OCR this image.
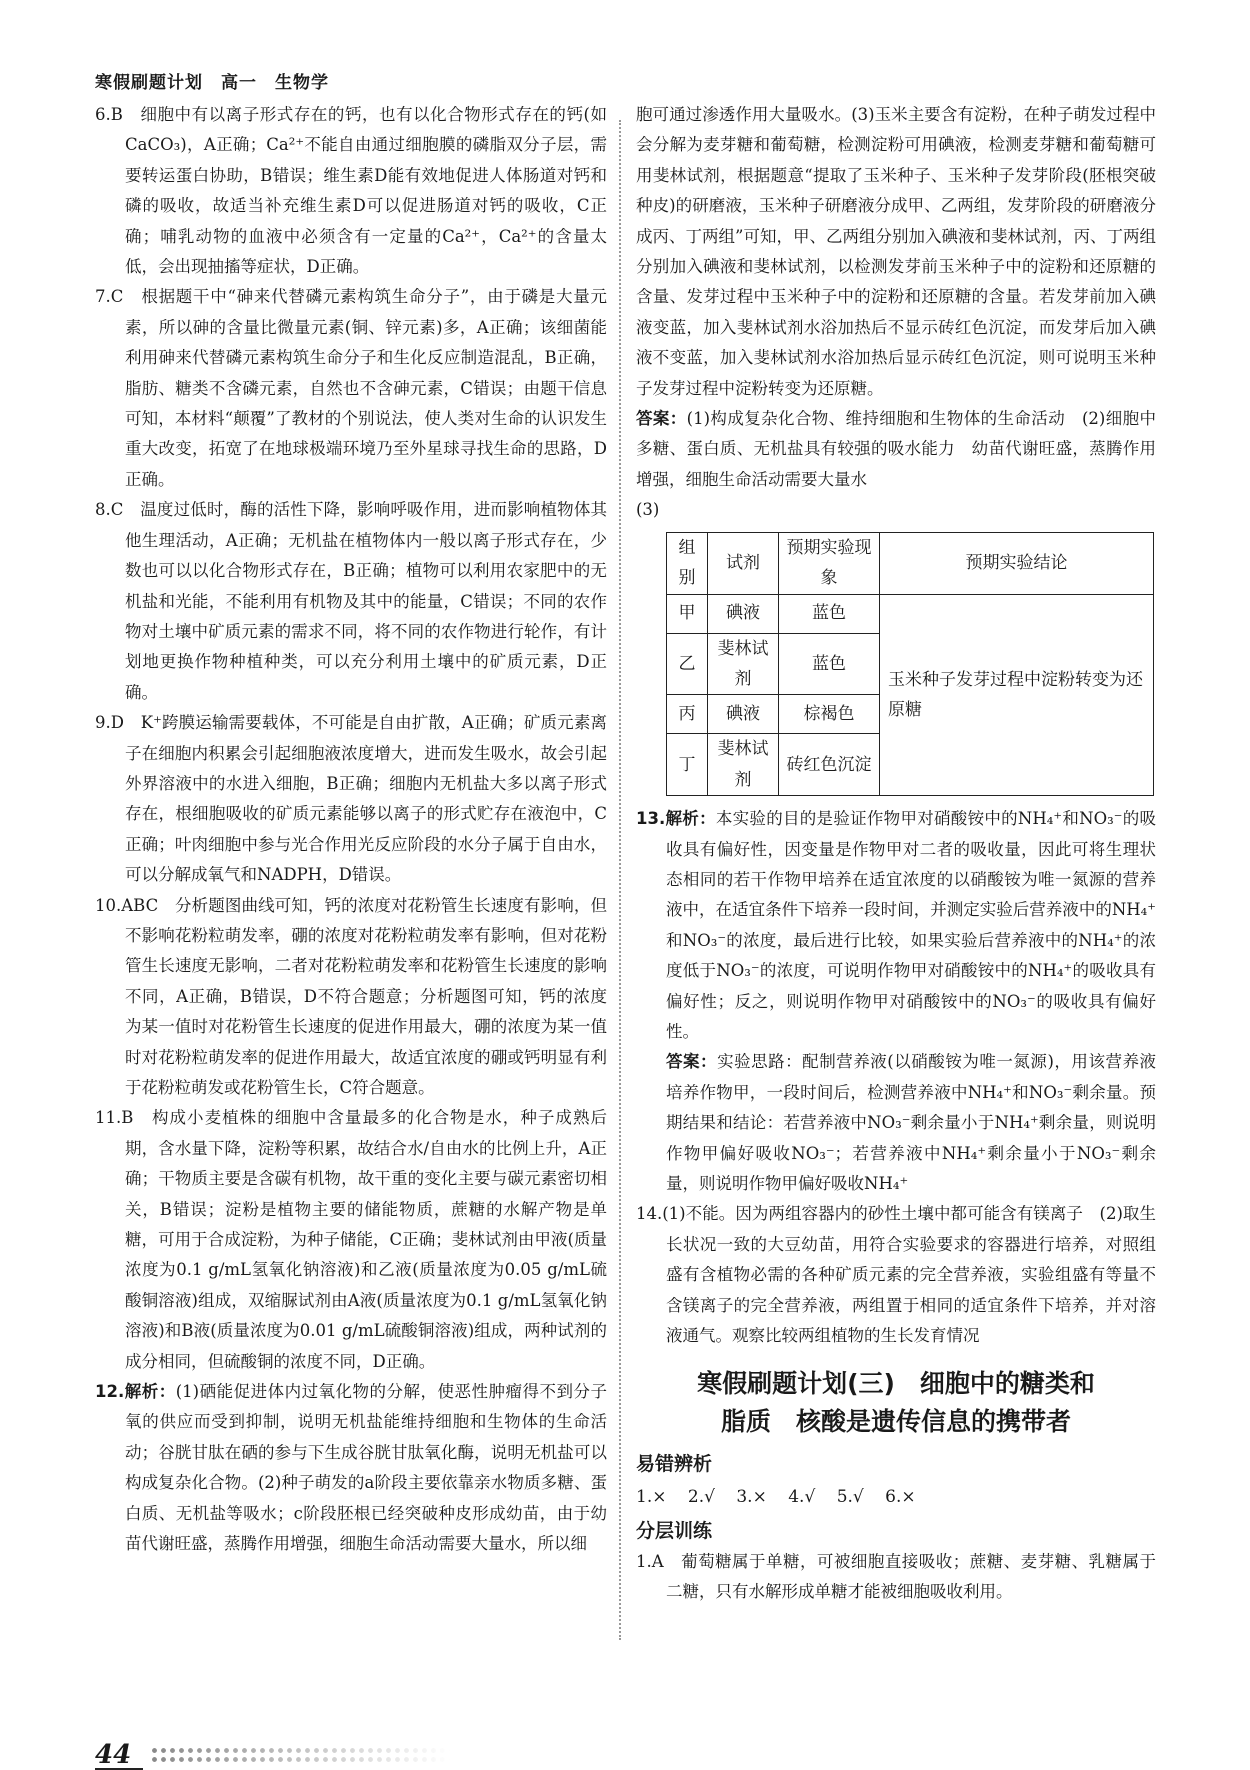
寒假刷题计划　高一　生物学

6.B　细胞中有以离子形式存在的钙，也有以化合物形式存在的钙(如CaCO₃)，A正确；Ca²⁺不能自由通过细胞膜的磷脂双分子层，需要转运蛋白协助，B错误；维生素D能有效地促进人体肠道对钙和磷的吸收，故适当补充维生素D可以促进肠道对钙的吸收，C正确；哺乳动物的血液中必须含有一定量的Ca²⁺，Ca²⁺的含量太低，会出现抽搐等症状，D正确。

7.C　根据题干中“砷来代替磷元素构筑生命分子”，由于磷是大量元素，所以砷的含量比微量元素(铜、锌元素)多，A正确；该细菌能利用砷来代替磷元素构筑生命分子和生化反应制造混乱，B正确，脂肪、糖类不含磷元素，自然也不含砷元素，C错误；由题干信息可知，本材料“颠覆”了教材的个别说法，使人类对生命的认识发生重大改变，拓宽了在地球极端环境乃至外星球寻找生命的思路，D正确。

8.C　温度过低时，酶的活性下降，影响呼吸作用，进而影响植物体其他生理活动，A正确；无机盐在植物体内一般以离子形式存在，少数也可以以化合物形式存在，B正确；植物可以利用农家肥中的无机盐和光能，不能利用有机物及其中的能量，C错误；不同的农作物对土壤中矿质元素的需求不同，将不同的农作物进行轮作，有计划地更换作物种植种类，可以充分利用土壤中的矿质元素，D正确。

9.D　K⁺跨膜运输需要载体，不可能是自由扩散，A正确；矿质元素离子在细胞内积累会引起细胞液浓度增大，进而发生吸水，故会引起外界溶液中的水进入细胞，B正确；细胞内无机盐大多以离子形式存在，根细胞吸收的矿质元素能够以离子的形式贮存在液泡中，C正确；叶肉细胞中参与光合作用光反应阶段的水分子属于自由水，可以分解成氧气和NADPH，D错误。

10.ABC　分析题图曲线可知，钙的浓度对花粉管生长速度有影响，但不影响花粉粒萌发率，硼的浓度对花粉粒萌发率有影响，但对花粉管生长速度无影响，二者对花粉粒萌发率和花粉管生长速度的影响不同，A正确，B错误，D不符合题意；分析题图可知，钙的浓度为某一值时对花粉管生长速度的促进作用最大，硼的浓度为某一值时对花粉粒萌发率的促进作用最大，故适宜浓度的硼或钙明显有利于花粉粒萌发或花粉管生长，C符合题意。

11.B　构成小麦植株的细胞中含量最多的化合物是水，种子成熟后期，含水量下降，淀粉等积累，故结合水/自由水的比例上升，A正确；干物质主要是含碳有机物，故干重的变化主要与碳元素密切相关，B错误；淀粉是植物主要的储能物质，蔗糖的水解产物是单糖，可用于合成淀粉，为种子储能，C正确；斐林试剂由甲液(质量浓度为0.1 g/mL氢氧化钠溶液)和乙液(质量浓度为0.05 g/mL硫酸铜溶液)组成，双缩脲试剂由A液(质量浓度为0.1 g/mL氢氧化钠溶液)和B液(质量浓度为0.01 g/mL硫酸铜溶液)组成，两种试剂的成分相同，但硫酸铜的浓度不同，D正确。

12.解析：(1)硒能促进体内过氧化物的分解，使恶性肿瘤得不到分子氧的供应而受到抑制，说明无机盐能维持细胞和生物体的生命活动；谷胱甘肽在硒的参与下生成谷胱甘肽氧化酶，说明无机盐可以构成复杂化合物。(2)种子萌发的a阶段主要依靠亲水物质多糖、蛋白质、无机盐等吸水；c阶段胚根已经突破种皮形成幼苗，由于幼苗代谢旺盛，蒸腾作用增强，细胞生命活动需要大量水，所以细

胞可通过渗透作用大量吸水。(3)玉米主要含有淀粉，在种子萌发过程中会分解为麦芽糖和葡萄糖，检测淀粉可用碘液，检测麦芽糖和葡萄糖可用斐林试剂，根据题意“提取了玉米种子、玉米种子发芽阶段(胚根突破种皮)的研磨液，玉米种子研磨液分成甲、乙两组，发芽阶段的研磨液分成丙、丁两组”可知，甲、乙两组分别加入碘液和斐林试剂，丙、丁两组分别加入碘液和斐林试剂，以检测发芽前玉米种子中的淀粉和还原糖的含量、发芽过程中玉米种子中的淀粉和还原糖的含量。若发芽前加入碘液变蓝，加入斐林试剂水浴加热后不显示砖红色沉淀，而发芽后加入碘液不变蓝，加入斐林试剂水浴加热后显示砖红色沉淀，则可说明玉米种子发芽过程中淀粉转变为还原糖。

答案：(1)构成复杂化合物、维持细胞和生物体的生命活动　(2)细胞中多糖、蛋白质、无机盐具有较强的吸水能力　幼苗代谢旺盛，蒸腾作用增强，细胞生命活动需要大量水

(3)

组别	试剂	预期实验现象	预期实验结论
甲	碘液	蓝色	玉米种子发芽过程中淀粉转变为还原糖
乙	斐林试剂	蓝色	
丙	碘液	棕褐色	
丁	斐林试剂	砖红色沉淀	

13.解析：本实验的目的是验证作物甲对硝酸铵中的NH₄⁺和NO₃⁻的吸收具有偏好性，因变量是作物甲对二者的吸收量，因此可将生理状态相同的若干作物甲培养在适宜浓度的以硝酸铵为唯一氮源的营养液中，在适宜条件下培养一段时间，并测定实验后营养液中的NH₄⁺和NO₃⁻的浓度，最后进行比较，如果实验后营养液中的NH₄⁺的浓度低于NO₃⁻的浓度，可说明作物甲对硝酸铵中的NH₄⁺的吸收具有偏好性；反之，则说明作物甲对硝酸铵中的NO₃⁻的吸收具有偏好性。

答案：实验思路：配制营养液(以硝酸铵为唯一氮源)，用该营养液培养作物甲，一段时间后，检测营养液中NH₄⁺和NO₃⁻剩余量。预期结果和结论：若营养液中NO₃⁻剩余量小于NH₄⁺剩余量，则说明作物甲偏好吸收NO₃⁻；若营养液中NH₄⁺剩余量小于NO₃⁻剩余量，则说明作物甲偏好吸收NH₄⁺

14.(1)不能。因为两组容器内的砂性土壤中都可能含有镁离子　(2)取生长状况一致的大豆幼苗，用符合实验要求的容器进行培养，对照组盛有含植物必需的各种矿质元素的完全营养液，实验组盛有等量不含镁离子的完全营养液，两组置于相同的适宜条件下培养，并对溶液通气。观察比较两组植物的生长发育情况

寒假刷题计划(三)　细胞中的糖类和
脂质　核酸是遗传信息的携带者

易错辨析

1.× 2.√ 3.× 4.√ 5.√ 6.×

分层训练

1.A　葡萄糖属于单糖，可被细胞直接吸收；蔗糖、麦芽糖、乳糖属于二糖，只有水解形成单糖才能被细胞吸收利用。

44
